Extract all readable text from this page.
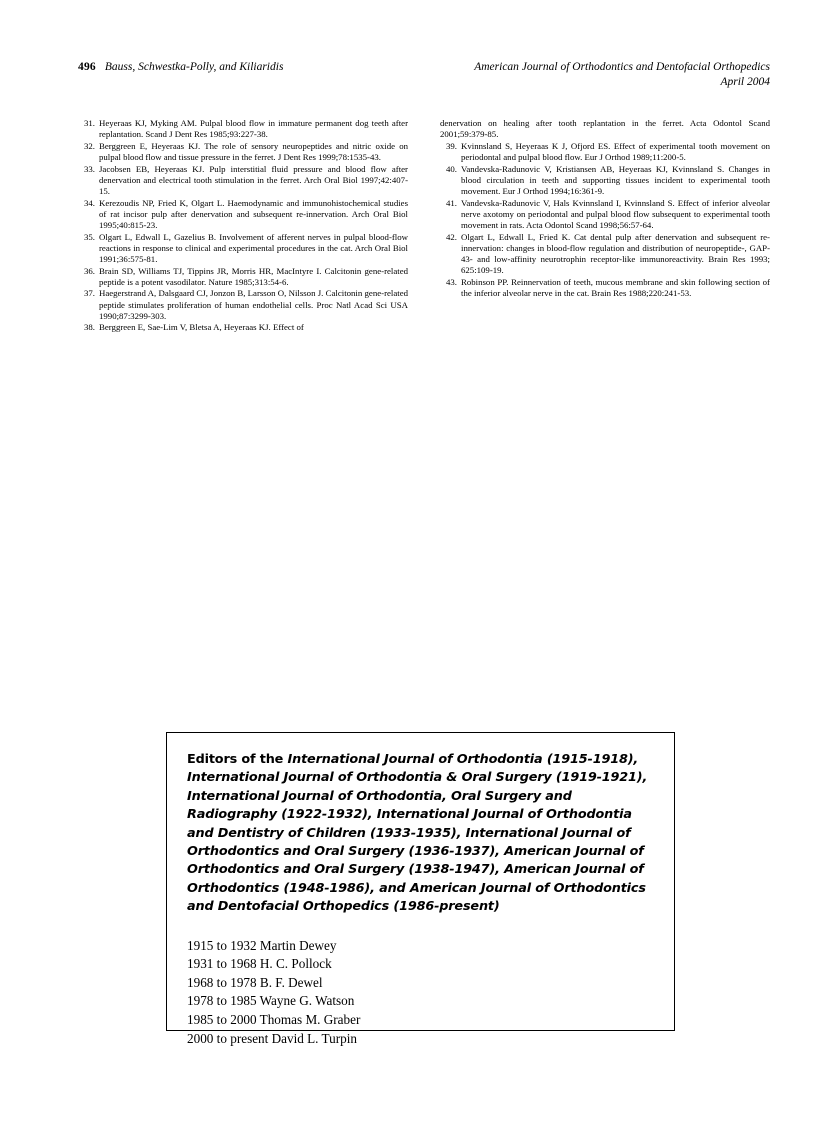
496 Bauss, Schwestka-Polly, and Kiliaridis	American Journal of Orthodontics and Dentofacial Orthopedics
April 2004

31. Heyeraas KJ, Myking AM. Pulpal blood flow in immature permanent dog teeth after replantation. Scand J Dent Res 1985;93:227-38.

32. Berggreen E, Heyeraas KJ. The role of sensory neuropeptides and nitric oxide on pulpal blood flow and tissue pressure in the ferret. J Dent Res 1999;78:1535-43.

33. Jacobsen EB, Heyeraas KJ. Pulp interstitial fluid pressure and blood flow after denervation and electrical tooth stimulation in the ferret. Arch Oral Biol 1997;42:407-15.

34. Kerezoudis NP, Fried K, Olgart L. Haemodynamic and immunohistochemical studies of rat incisor pulp after denervation and subsequent re-innervation. Arch Oral Biol 1995;40:815-23.

35. Olgart L, Edwall L, Gazelius B. Involvement of afferent nerves in pulpal blood-flow reactions in response to clinical and experimental procedures in the cat. Arch Oral Biol 1991;36:575-81.

36. Brain SD, Williams TJ, Tippins JR, Morris HR, MacIntyre I. Calcitonin gene-related peptide is a potent vasodilator. Nature 1985;313:54-6.

37. Haegerstrand A, Dalsgaard CJ, Jonzon B, Larsson O, Nilsson J. Calcitonin gene-related peptide stimulates proliferation of human endothelial cells. Proc Natl Acad Sci USA 1990;87:3299-303.

38. Berggreen E, Sae-Lim V, Bletsa A, Heyeraas KJ. Effect of

denervation on healing after tooth replantation in the ferret. Acta Odontol Scand 2001;59:379-85.

39. Kvinnsland S, Heyeraas K J, Ofjord ES. Effect of experimental tooth movement on periodontal and pulpal blood flow. Eur J Orthod 1989;11:200-5.

40. Vandevska-Radunovic V, Kristiansen AB, Heyeraas KJ, Kvinnsland S. Changes in blood circulation in teeth and supporting tissues incident to experimental tooth movement. Eur J Orthod 1994;16:361-9.

41. Vandevska-Radunovic V, Hals Kvinnsland I, Kvinnsland S. Effect of inferior alveolar nerve axotomy on periodontal and pulpal blood flow subsequent to experimental tooth movement in rats. Acta Odontol Scand 1998;56:57-64.

42. Olgart L, Edwall L, Fried K. Cat dental pulp after denervation and subsequent re-innervation: changes in blood-flow regulation and distribution of neuropeptide-, GAP-43- and low-affinity neurotrophin receptor-like immunoreactivity. Brain Res 1993; 625:109-19.

43. Robinson PP. Reinnervation of teeth, mucous membrane and skin following section of the inferior alveolar nerve in the cat. Brain Res 1988;220:241-53.

Editors of the International Journal of Orthodontia (1915-1918), International Journal of Orthodontia & Oral Surgery (1919-1921), International Journal of Orthodontia, Oral Surgery and Radiography (1922-1932), International Journal of Orthodontia and Dentistry of Children (1933-1935), International Journal of Orthodontics and Oral Surgery (1936-1937), American Journal of Orthodontics and Oral Surgery (1938-1947), American Journal of Orthodontics (1948-1986), and American Journal of Orthodontics and Dentofacial Orthopedics (1986-present)

1915 to 1932 Martin Dewey
1931 to 1968 H. C. Pollock
1968 to 1978 B. F. Dewel
1978 to 1985 Wayne G. Watson
1985 to 2000 Thomas M. Graber
2000 to present David L. Turpin
